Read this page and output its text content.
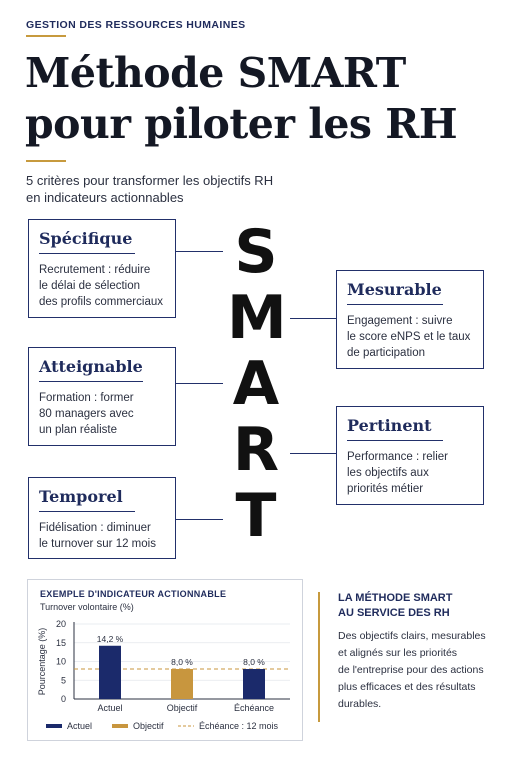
GESTION DES RESSOURCES HUMAINES
Méthode SMART
pour piloter les RH

5 critères pour transformer les objectifs RH
en indicateurs actionnables

S
M
A
R
T
Spécifique
Recrutement : réduire
le délai de sélection
des profils commerciaux
Mesurable
Engagement : suivre
le score eNPS et le taux
de participation
Atteignable
Formation : former
80 managers avec
un plan réaliste	Pertinent
Performance : relier
les objectifs aux
priorités métier
Temporel
Fidélisation : diminuer
le turnover sur 12 mois
EXEMPLE D'INDICATEUR ACTIONNABLE
Turnover volontaire (%)
0
5
10
15
20
Pourcentage (%)	14,2 %
Actuel
8,0 %
Objectif
8,0 %
Échéance
Actuel	Objectif	Échéance : 12 mois
LA MÉTHODE SMART
AU SERVICE DES RH
Des objectifs clairs, mesurables
et alignés sur les priorités
de l'entreprise pour des actions
plus efficaces et des résultats
durables.
